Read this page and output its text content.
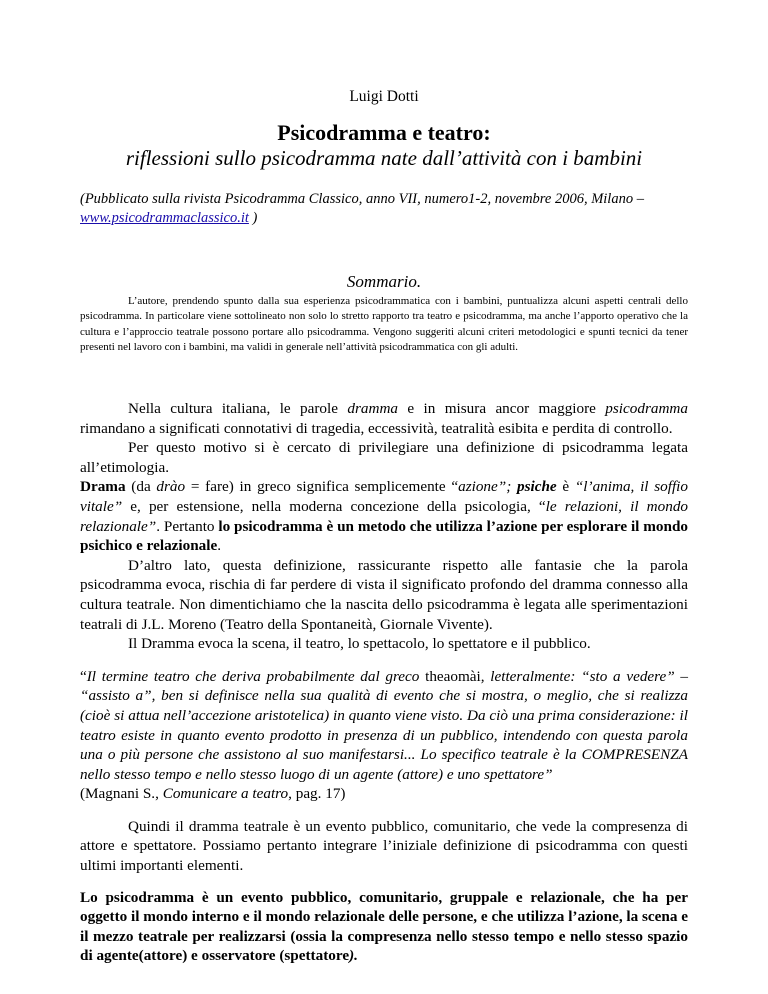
Luigi Dotti
Psicodramma e teatro:
riflessioni sullo psicodramma nate dall’attività con i bambini
(Pubblicato sulla rivista Psicodramma Classico, anno VII, numero1-2, novembre 2006, Milano – www.psicodrammaclassico.it )
Sommario.
L’autore, prendendo spunto dalla sua esperienza psicodrammatica con i bambini, puntualizza alcuni aspetti centrali dello psicodramma. In particolare viene sottolineato non solo lo stretto rapporto tra teatro e psicodramma, ma anche l’apporto operativo che la cultura e l’approccio teatrale possono portare allo psicodramma. Vengono suggeriti alcuni criteri metodologici e spunti tecnici da tener presenti nel lavoro con i bambini, ma validi in generale nell’attività psicodrammatica con gli adulti.

Nella cultura italiana, le parole dramma e in misura ancor maggiore psicodramma rimandano a significati connotativi di tragedia, eccessività, teatralità esibita e perdita di controllo.

Per questo motivo si è cercato di privilegiare una definizione di psicodramma legata all’etimologia.

Drama (da drào = fare) in greco significa semplicemente “azione”; psiche è “l’anima, il soffio vitale” e, per estensione, nella moderna concezione della psicologia, “le relazioni, il mondo relazionale”. Pertanto lo psicodramma è un metodo che utilizza l’azione per esplorare il mondo psichico e relazionale.

D’altro lato, questa definizione, rassicurante rispetto alle fantasie che la parola psicodramma evoca, rischia di far perdere di vista il significato profondo del dramma connesso alla cultura teatrale. Non dimentichiamo che la nascita dello psicodramma è legata alle sperimentazioni teatrali di J.L. Moreno (Teatro della Spontaneità, Giornale Vivente).

Il Dramma evoca la scena, il teatro, lo spettacolo, lo spettatore e il pubblico.

“Il termine teatro che deriva probabilmente dal greco theaomài, letteralmente: “sto a vedere” – “assisto a”, ben si definisce nella sua qualità di evento che si mostra, o meglio, che si realizza (cioè si attua nell’accezione aristotelica) in quanto viene visto. Da ciò una prima considerazione: il teatro esiste in quanto evento prodotto in presenza di un pubblico, intendendo con questa parola una o più persone che assistono al suo manifestarsi... Lo specifico teatrale è la COMPRESENZA nello stesso tempo e nello stesso luogo di un agente (attore) e uno spettatore”

(Magnani S., Comunicare a teatro, pag. 17)

Quindi il dramma teatrale è un evento pubblico, comunitario, che vede la compresenza di attore e spettatore. Possiamo pertanto integrare l’iniziale definizione di psicodramma con questi ultimi importanti elementi.

Lo psicodramma è un evento pubblico, comunitario, gruppale e relazionale, che ha per oggetto il mondo interno e il mondo relazionale delle persone, e che utilizza l’azione, la scena e il mezzo teatrale per realizzarsi (ossia la compresenza nello stesso tempo e nello stesso spazio di agente(attore) e osservatore (spettatore).
